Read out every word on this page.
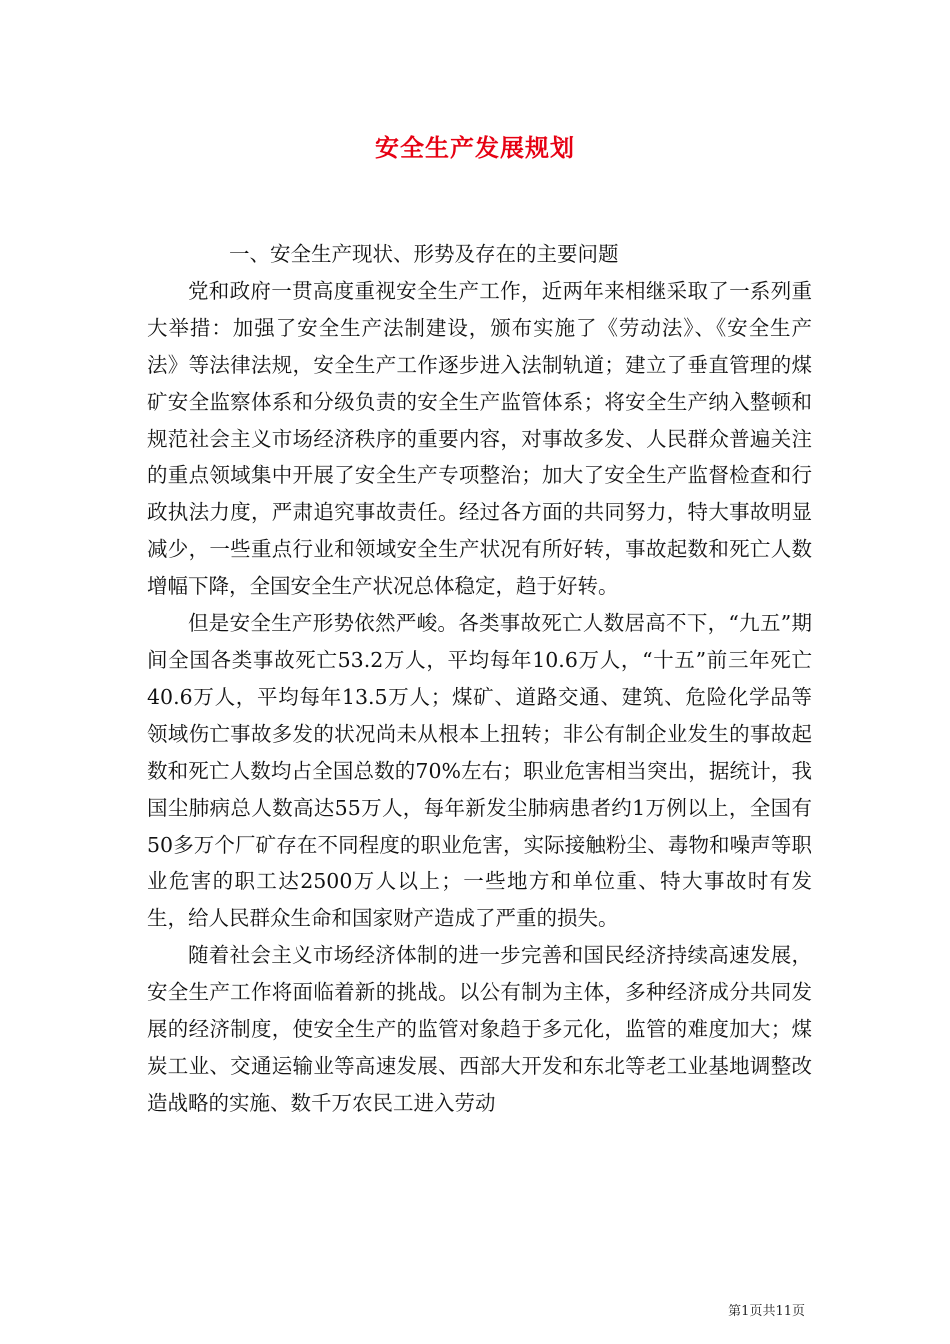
安全生产发展规划

一、安全生产现状、形势及存在的主要问题

党和政府一贯高度重视安全生产工作，近两年来相继采取了一系列重大举措：加强了安全生产法制建设，颁布实施了《劳动法》、《安全生产法》等法律法规，安全生产工作逐步进入法制轨道；建立了垂直管理的煤矿安全监察体系和分级负责的安全生产监管体系；将安全生产纳入整顿和规范社会主义市场经济秩序的重要内容，对事故多发、人民群众普遍关注的重点领域集中开展了安全生产专项整治；加大了安全生产监督检查和行政执法力度，严肃追究事故责任。经过各方面的共同努力，特大事故明显减少，一些重点行业和领域安全生产状况有所好转，事故起数和死亡人数增幅下降，全国安全生产状况总体稳定，趋于好转。

但是安全生产形势依然严峻。各类事故死亡人数居高不下，“九五”期间全国各类事故死亡53.2万人，平均每年10.6万人，“十五”前三年死亡40.6万人，平均每年13.5万人；煤矿、道路交通、建筑、危险化学品等领域伤亡事故多发的状况尚未从根本上扭转；非公有制企业发生的事故起数和死亡人数均占全国总数的70%左右；职业危害相当突出，据统计，我国尘肺病总人数高达55万人，每年新发尘肺病患者约1万例以上，全国有50多万个厂矿存在不同程度的职业危害，实际接触粉尘、毒物和噪声等职业危害的职工达2500万人以上；一些地方和单位重、特大事故时有发生，给人民群众生命和国家财产造成了严重的损失。

随着社会主义市场经济体制的进一步完善和国民经济持续高速发展，安全生产工作将面临着新的挑战。以公有制为主体，多种经济成分共同发展的经济制度，使安全生产的监管对象趋于多元化，监管的难度加大；煤炭工业、交通运输业等高速发展、西部大开发和东北等老工业基地调整改造战略的实施、数千万农民工进入劳动

第1页共11页
